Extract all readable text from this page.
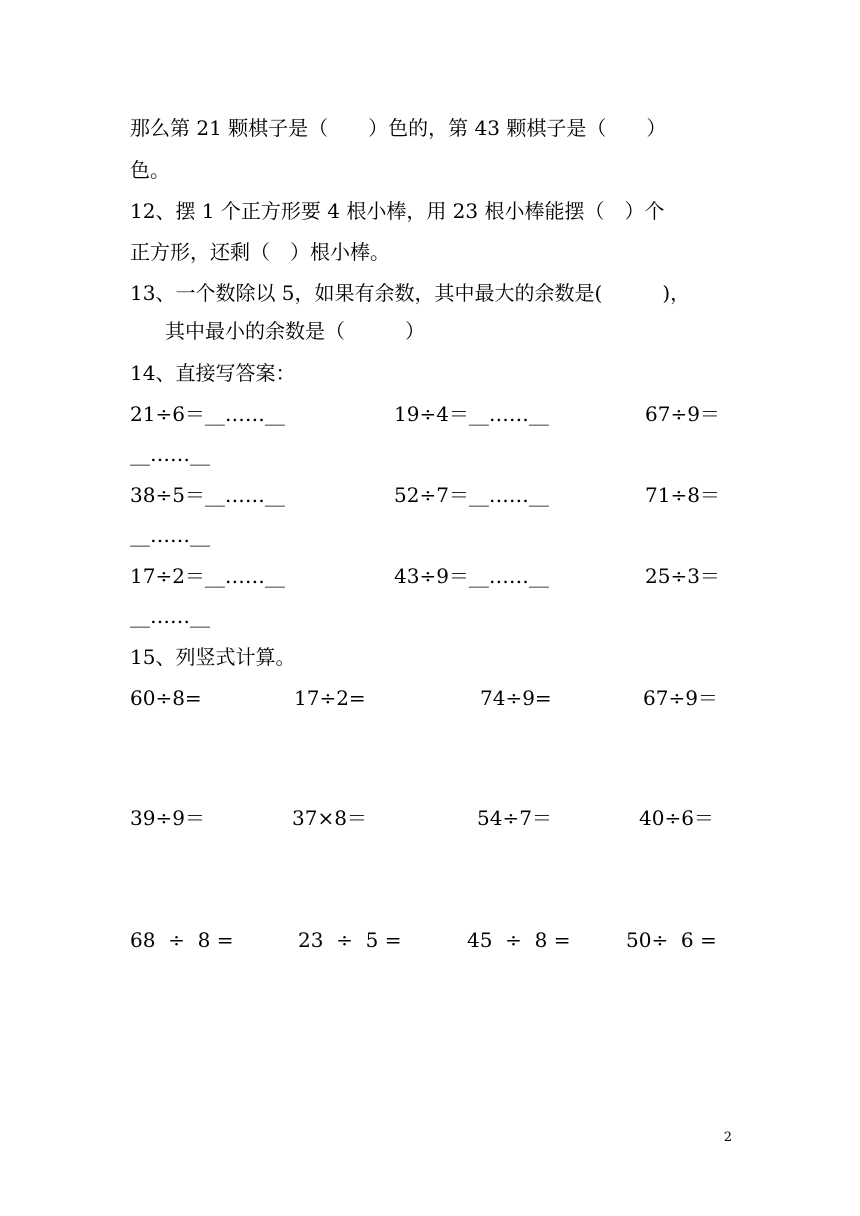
那么第 21 颗棋子是（　　）色的，第 43 颗棋子是（　　）
色。
12、摆 1 个正方形要 4 根小棒，用 23 根小棒能摆（　）个
正方形，还剩（　）根小棒。
13、一个数除以 5，如果有余数，其中最大的余数是(　　　)，
其中最小的余数是（　　　）
14、直接写答案：
21÷6＝__……__	19÷4＝__……__	67÷9＝
__……__
38÷5＝__……__	52÷7＝__……__	71÷8＝
__……__
17÷2＝__……__	43÷9＝__……__	25÷3＝
__……__
15、列竖式计算。
60÷8=	17÷2=	74÷9=	67÷9＝
39÷9＝	37×8＝	54÷7＝	40÷6＝
68  ÷  8 =	23  ÷  5 =	45  ÷  8 =	50÷  6 =
2
